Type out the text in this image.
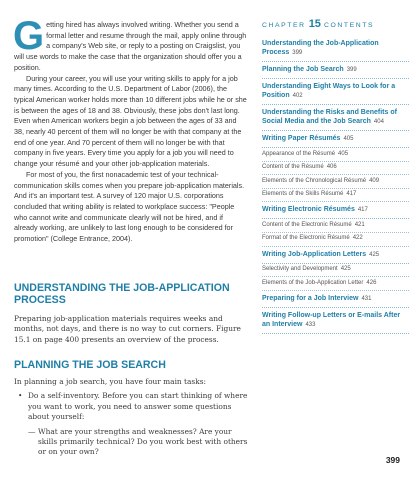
CHAPTER 15 CONTENTS

G etting hired has always involved writing. Whether you send a formal letter and resume through the mail, apply online through a company's Web site, or reply to a posting on Craigslist, you will use words to make the case that the organization should offer you a position.
During your career, you will use your writing skills to apply for a job many times. According to the U.S. Department of Labor (2006), the typical American worker holds more than 10 different jobs while he or she is between the ages of 18 and 38. Obviously, these jobs don't last long. Even when American workers begin a job between the ages of 33 and 38, nearly 40 percent of them will no longer be with that company at the end of one year. And 70 percent of them will no longer be with that company in five years. Every time you apply for a job you will need to change your résumé and your other job-application materials.
For most of you, the first nonacademic test of your technical-communication skills comes when you prepare job-application materials. And it's an important test. A survey of 120 major U.S. corporations concluded that writing ability is related to workplace success: "People who cannot write and communicate clearly will not be hired, and if already working, are unlikely to last long enough to be considered for promotion" (College Entrance, 2004).

UNDERSTANDING THE JOB-APPLICATION
PROCESS
Preparing job-application materials requires weeks and months, not days, and there is no way to cut corners. Figure 15.1 on page 400 presents an overview of the process.
PLANNING THE JOB SEARCH
In planning a job search, you have four main tasks:
• Do a self-inventory. Before you can start thinking of where you want to work, you need to answer some questions about yourself:
— What are your strengths and weaknesses? Are your skills primarily technical? Do you work best with others or on your own?
Understanding the Job-Application Process 399
Planning the Job Search 399
Understanding Eight Ways to Look for a Position 402
Understanding the Risks and Benefits of Social Media and the Job Search 404
Writing Paper Résumés 405
Appearance of the Résumé 405
Content of the Résumé 406
Elements of the Chronological Résumé 409
Elements of the Skills Résumé 417
Writing Electronic Résumés 417
Content of the Electronic Résumé 421
Format of the Electronic Résumé 422
Writing Job-Application Letters 425
Selectivity and Development 425
Elements of the Job-Application Letter 426
Preparing for a Job Interview 431
Writing Follow-up Letters or E-mails After an Interview 433
399
